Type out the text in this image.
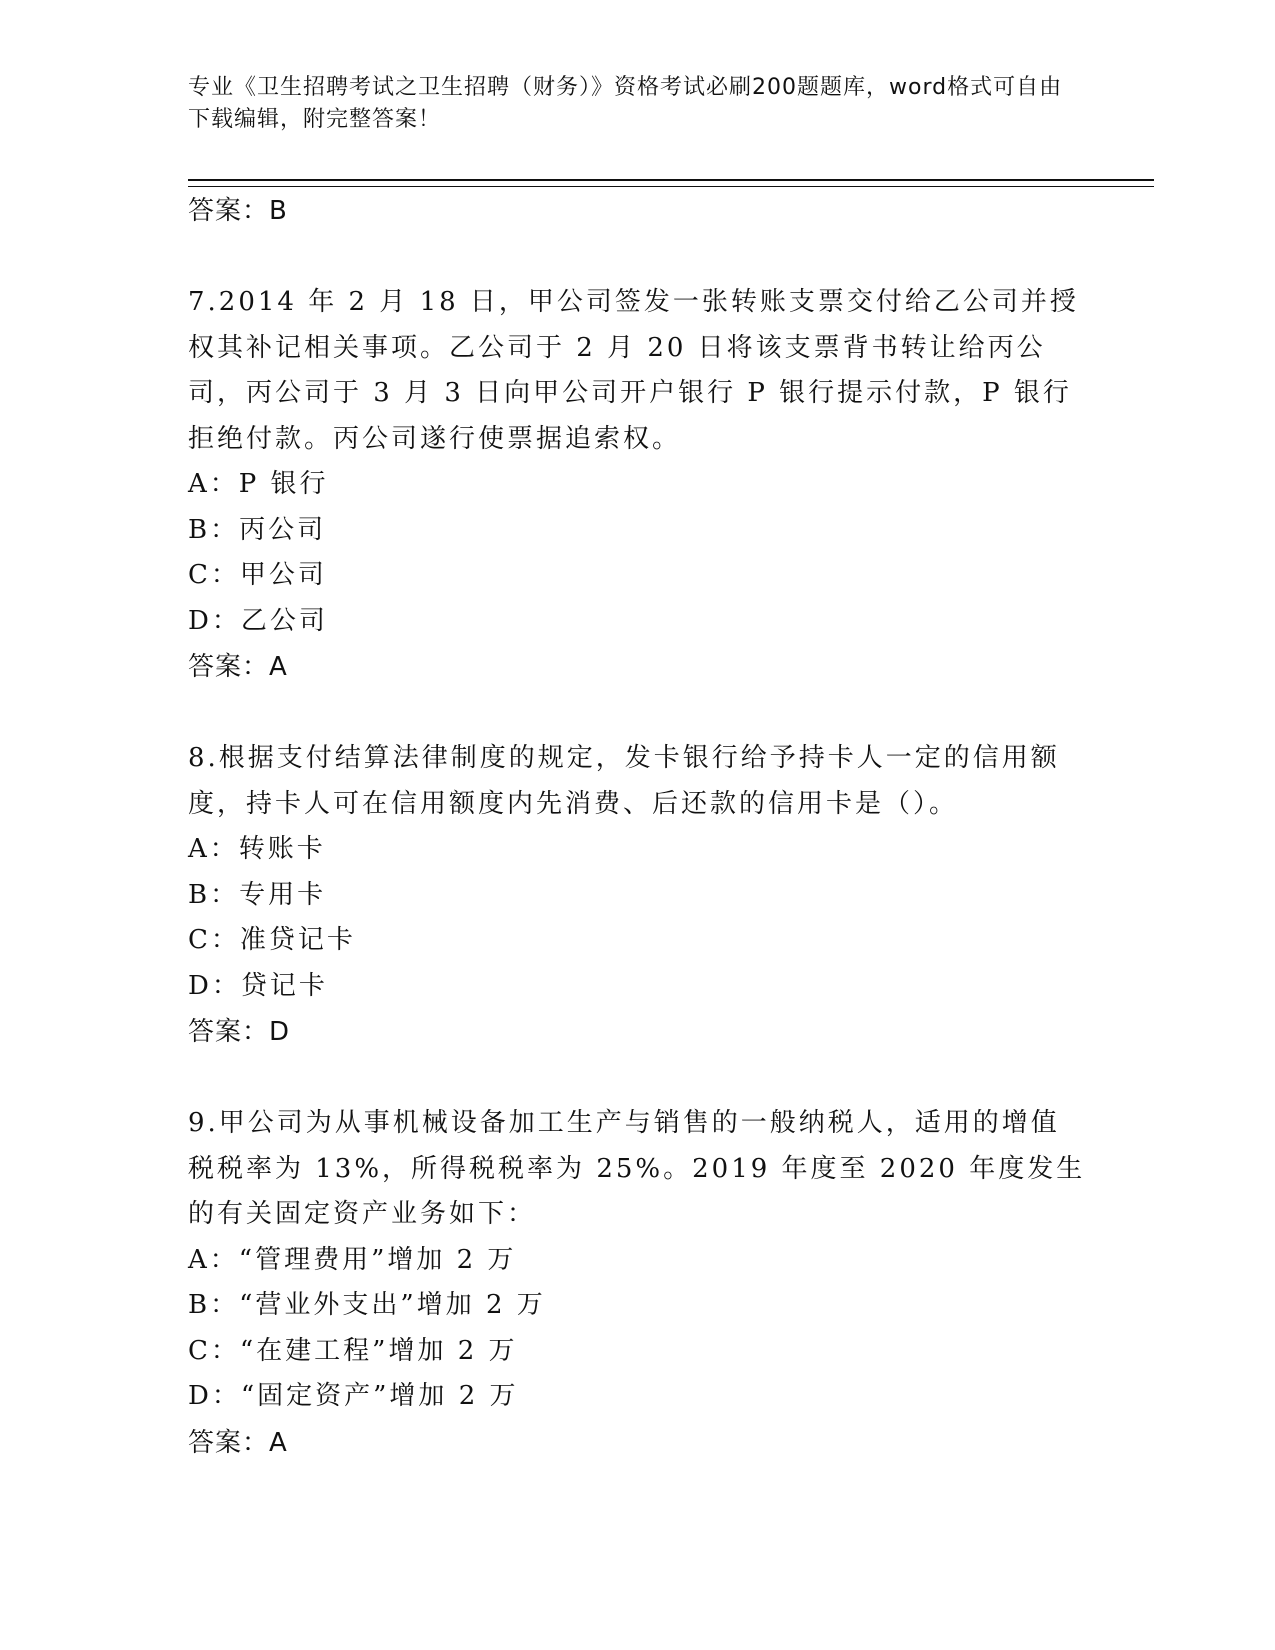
专业《卫生招聘考试之卫生招聘（财务）》资格考试必刷200题题库，word格式可自由下载编辑，附完整答案！
答案：B
7.2014 年 2 月 18 日，甲公司签发一张转账支票交付给乙公司并授权其补记相关事项。乙公司于 2 月 20 日将该支票背书转让给丙公司，丙公司于 3 月 3 日向甲公司开户银行 P 银行提示付款，P 银行拒绝付款。丙公司遂行使票据追索权。
A：P 银行
B：丙公司
C：甲公司
D：乙公司
答案：A
8.根据支付结算法律制度的规定，发卡银行给予持卡人一定的信用额度，持卡人可在信用额度内先消费、后还款的信用卡是（）。
A：转账卡
B：专用卡
C：准贷记卡
D：贷记卡
答案：D
9.甲公司为从事机械设备加工生产与销售的一般纳税人，适用的增值税税率为 13%，所得税税率为 25%。2019 年度至 2020 年度发生的有关固定资产业务如下：
A：“管理费用”增加 2 万
B：“营业外支出”增加 2 万
C：“在建工程”增加 2 万
D：“固定资产”增加 2 万
答案：A
